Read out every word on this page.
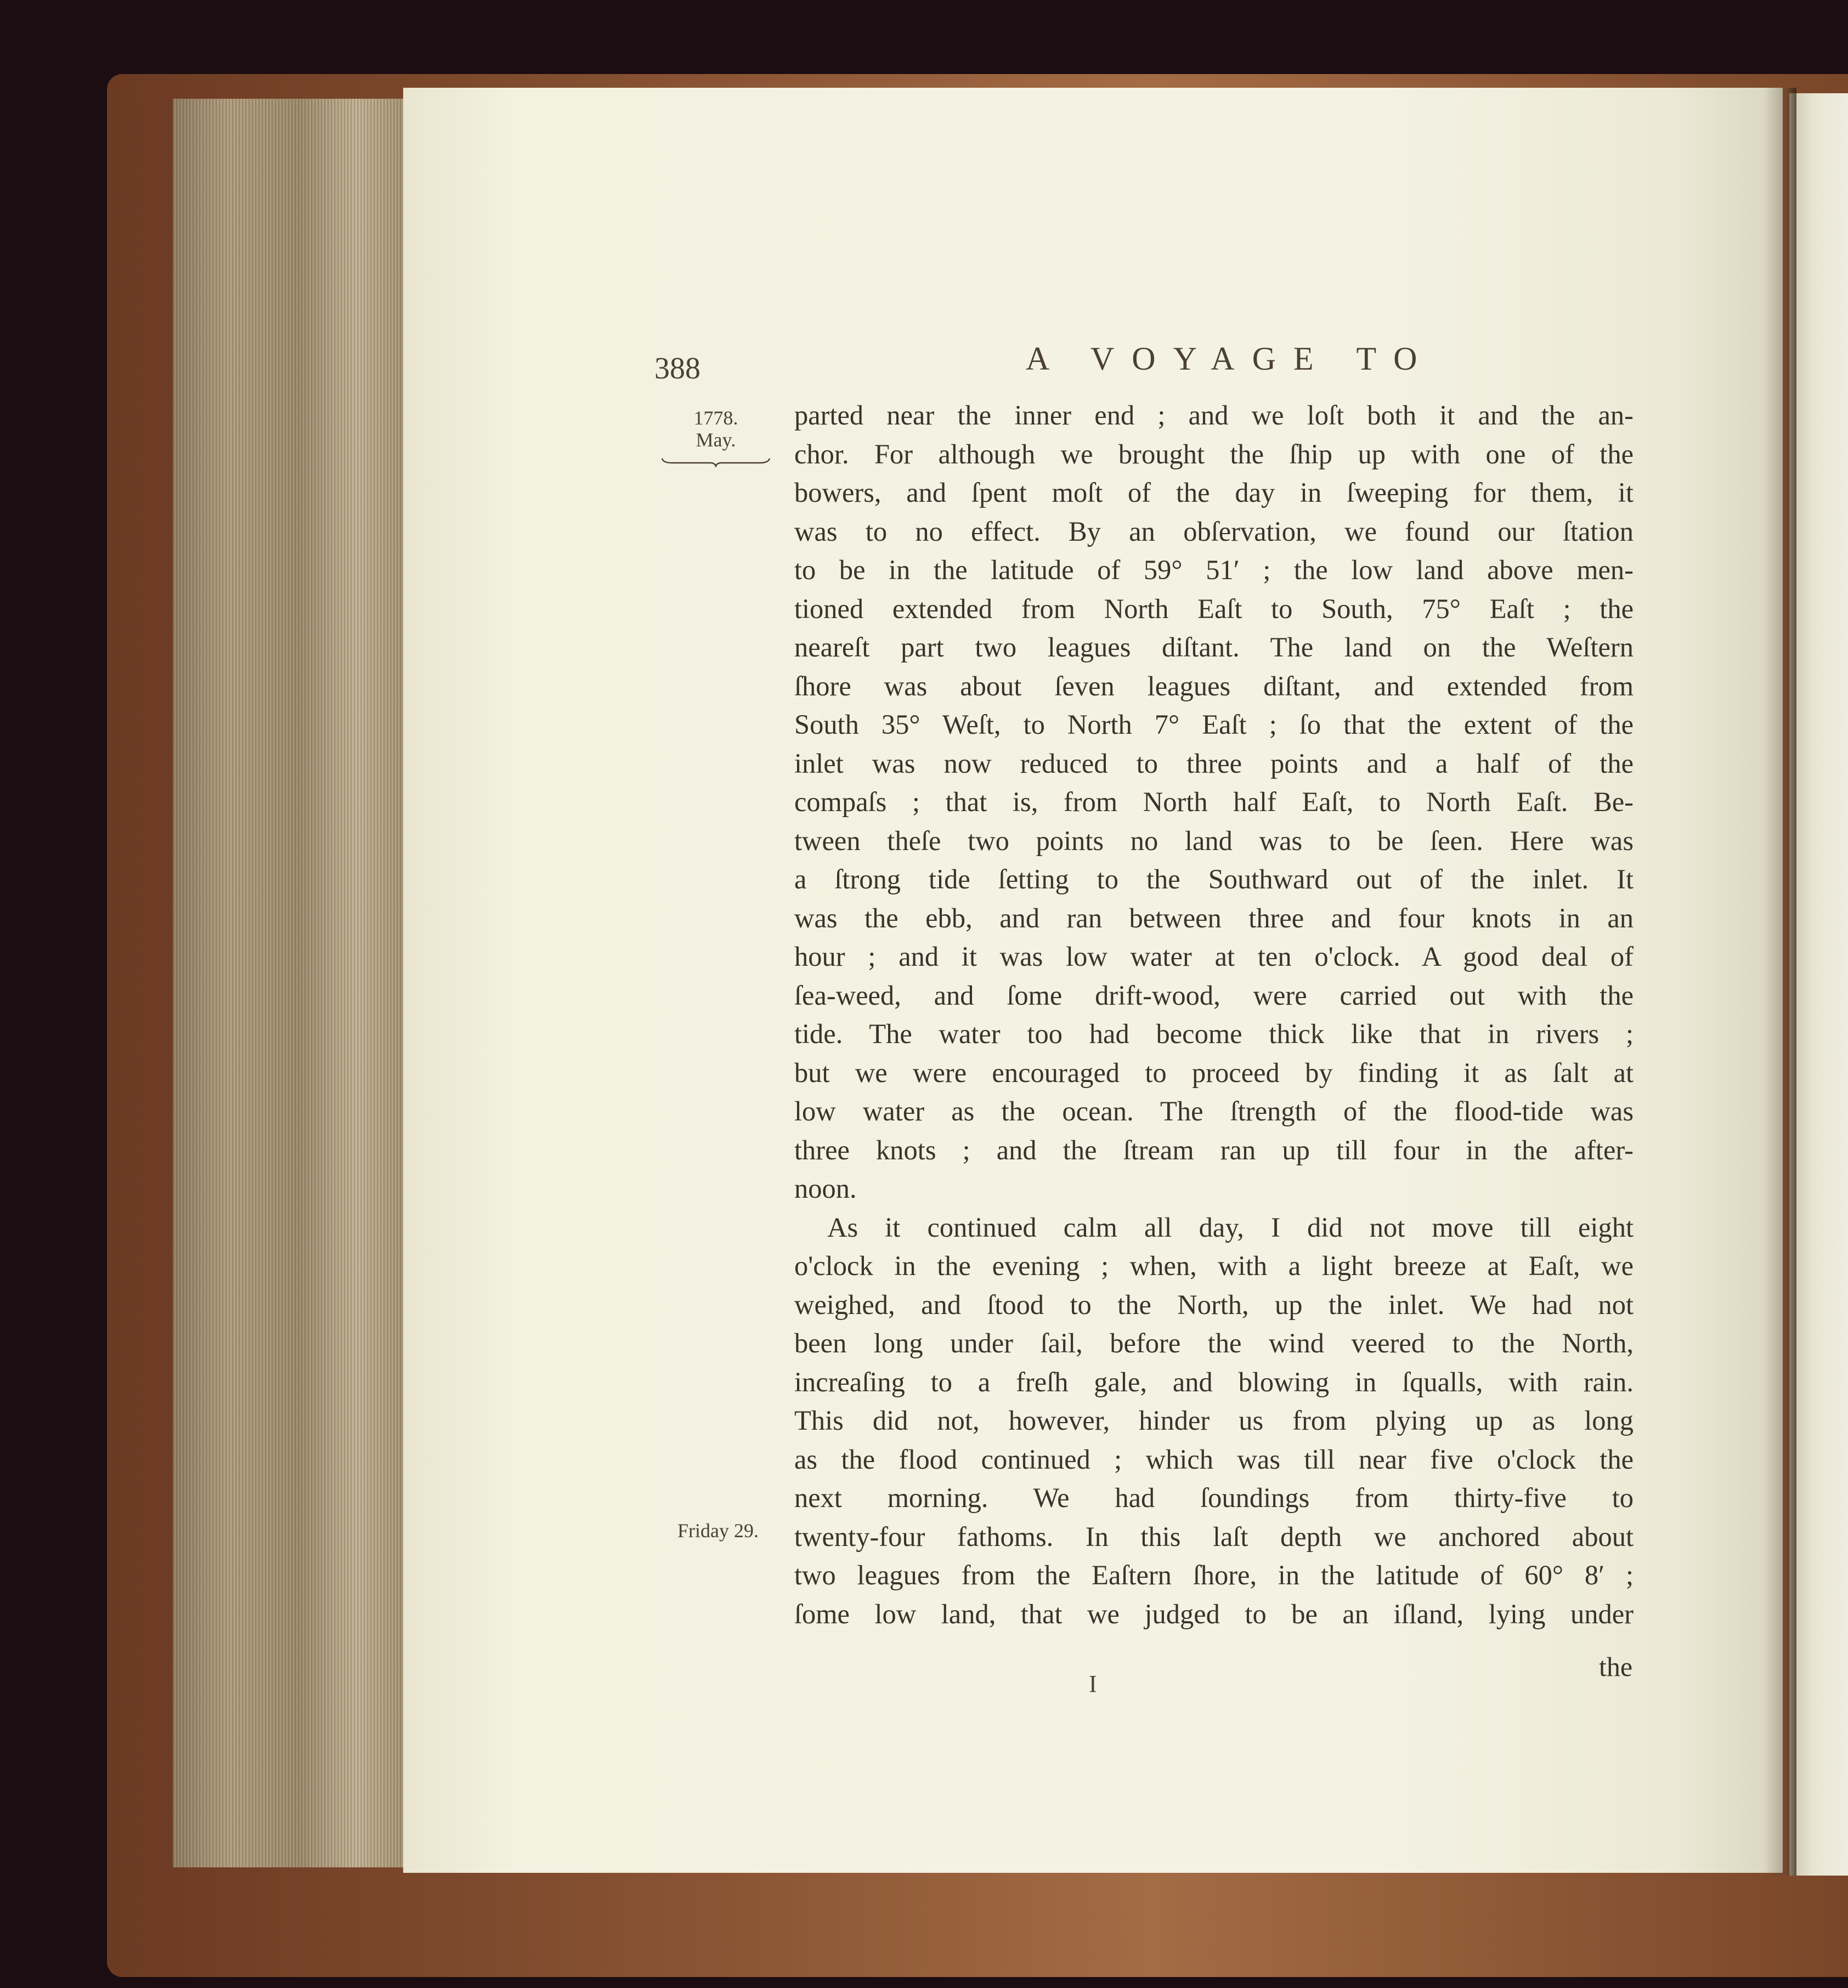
388	A VOYAGE TO
1778.
May.
Friday 29.
parted near the inner end ; and we loſt both it and the an-
chor. For although we brought the ſhip up with one of the
bowers, and ſpent moſt of the day in ſweeping for them, it
was to no effect. By an obſervation, we found our ſtation
to be in the latitude of 59° 51′ ; the low land above men-
tioned extended from North Eaſt to South, 75° Eaſt ; the
neareſt part two leagues diſtant. The land on the Weſtern
ſhore was about ſeven leagues diſtant, and extended from
South 35° Weſt, to North 7° Eaſt ; ſo that the extent of the
inlet was now reduced to three points and a half of the
compaſs ; that is, from North half Eaſt, to North Eaſt. Be-
tween theſe two points no land was to be ſeen. Here was
a ſtrong tide ſetting to the Southward out of the inlet. It
was the ebb, and ran between three and four knots in an
hour ; and it was low water at ten o'clock. A good deal of
ſea-weed, and ſome drift-wood, were carried out with the
tide. The water too had become thick like that in rivers ;
but we were encouraged to proceed by finding it as ſalt at
low water as the ocean. The ſtrength of the flood-tide was
three knots ; and the ſtream ran up till four in the after-
noon.
As it continued calm all day, I did not move till eight
o'clock in the evening ; when, with a light breeze at Eaſt, we
weighed, and ſtood to the North, up the inlet. We had not
been long under ſail, before the wind veered to the North,
increaſing to a freſh gale, and blowing in ſqualls, with rain.
This did not, however, hinder us from plying up as long
as the flood continued ; which was till near five o'clock the
next morning. We had ſoundings from thirty-five to
twenty-four fathoms. In this laſt depth we anchored about
two leagues from the Eaſtern ſhore, in the latitude of 60° 8′ ;
ſome low land, that we judged to be an iſland, lying under
I
the
